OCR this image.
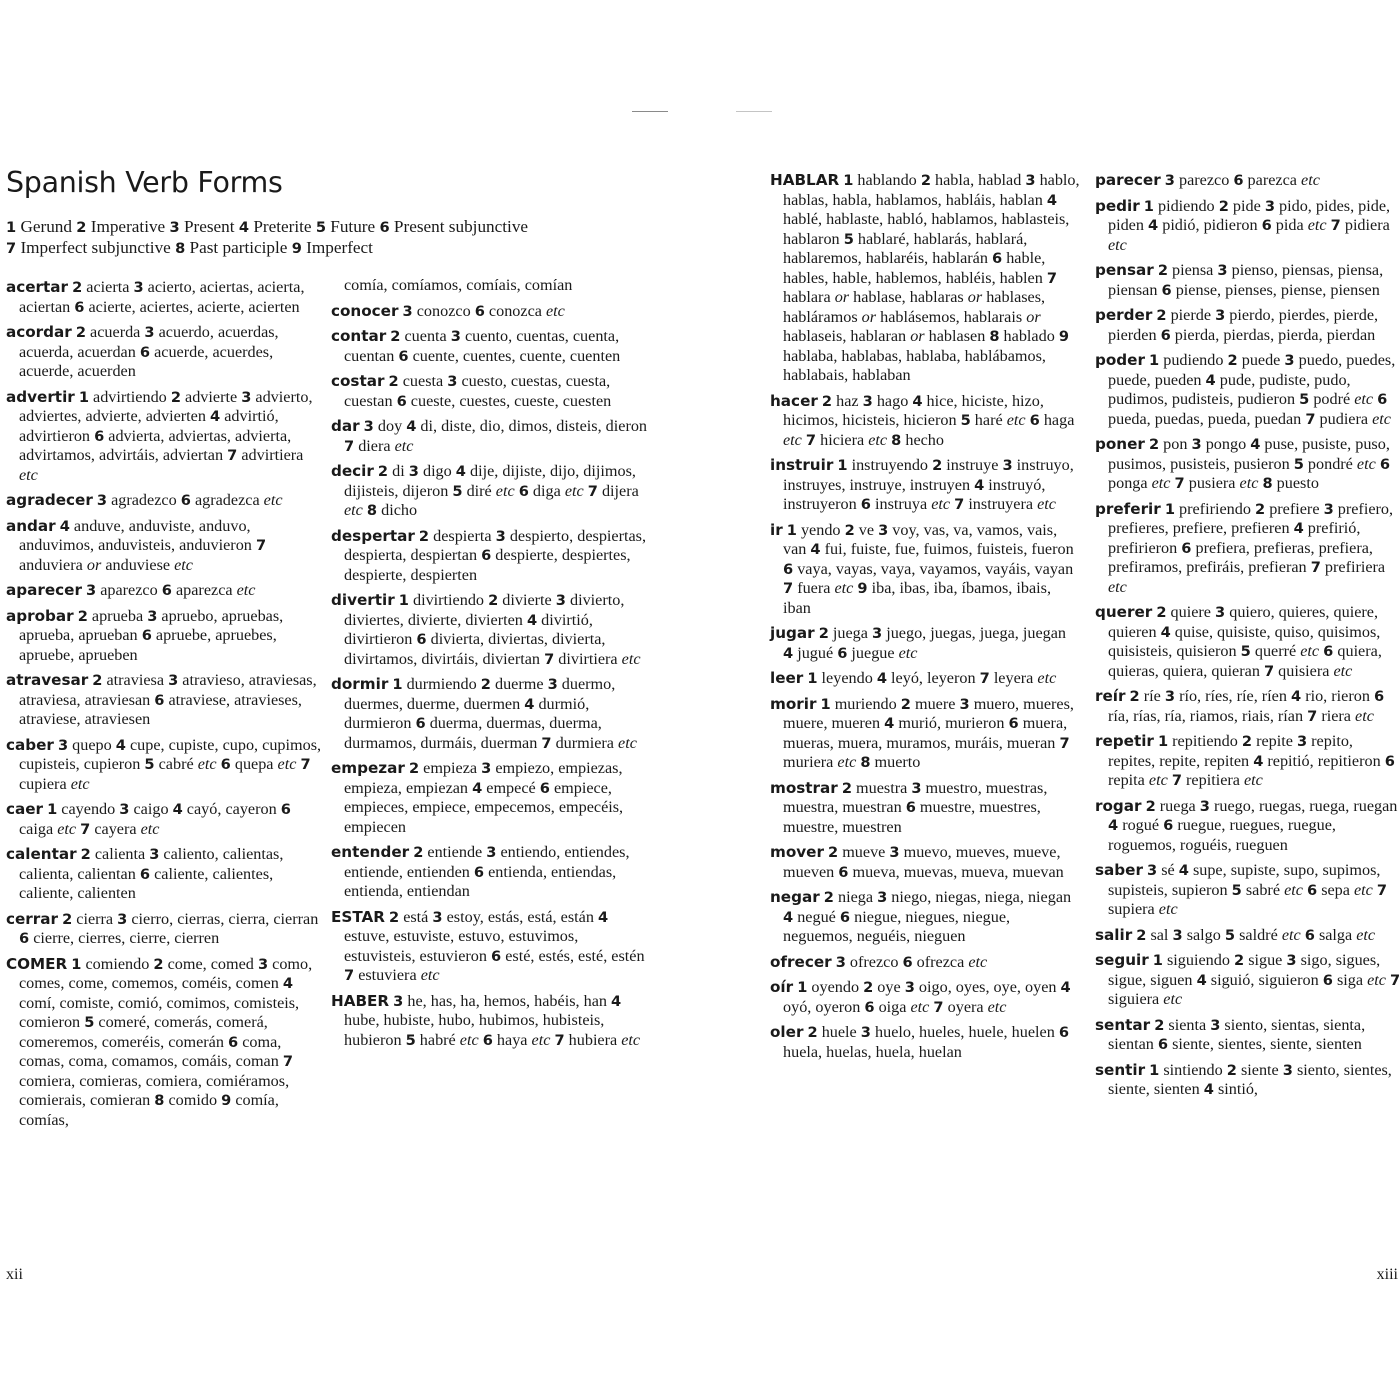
Spanish Verb Forms
1 Gerund 2 Imperative 3 Present 4 Preterite 5 Future 6 Present subjunctive
7 Imperfect subjunctive 8 Past participle 9 Imperfect

acertar 2 acierta 3 acierto, aciertas, acierta, aciertan 6 acierte, aciertes, acierte, acierten

acordar 2 acuerda 3 acuerdo, acuerdas, acuerda, acuerdan 6 acuerde, acuerdes, acuerde, acuerden

advertir 1 advirtiendo 2 advierte 3 advierto, adviertes, advierte, advierten 4 advirtió, advirtieron 6 advierta, adviertas, advierta, advirtamos, advirtáis, adviertan 7 advirtiera etc

agradecer 3 agradezco 6 agradezca etc

andar 4 anduve, anduviste, anduvo, anduvimos, anduvisteis, anduvieron 7 anduviera or anduviese etc

aparecer 3 aparezco 6 aparezca etc

aprobar 2 aprueba 3 apruebo, apruebas, aprueba, aprueban 6 apruebe, apruebes, apruebe, aprueben

atravesar 2 atraviesa 3 atravieso, atraviesas, atraviesa, atraviesan 6 atraviese, atravieses, atraviese, atraviesen

caber 3 quepo 4 cupe, cupiste, cupo, cupimos, cupisteis, cupieron 5 cabré etc 6 quepa etc 7 cupiera etc

caer 1 cayendo 3 caigo 4 cayó, cayeron 6 caiga etc 7 cayera etc

calentar 2 calienta 3 caliento, calientas, calienta, calientan 6 caliente, calientes, caliente, calienten

cerrar 2 cierra 3 cierro, cierras, cierra, cierran 6 cierre, cierres, cierre, cierren

COMER 1 comiendo 2 come, comed 3 como, comes, come, comemos, coméis, comen 4 comí, comiste, comió, comimos, comisteis, comieron 5 comeré, comerás, comerá, comeremos, comeréis, comerán 6 coma, comas, coma, comamos, comáis, coman 7 comiera, comieras, comiera, comiéramos, comierais, comieran 8 comido 9 comía, comías,

comía, comíamos, comíais, comían

conocer 3 conozco 6 conozca etc

contar 2 cuenta 3 cuento, cuentas, cuenta, cuentan 6 cuente, cuentes, cuente, cuenten

costar 2 cuesta 3 cuesto, cuestas, cuesta, cuestan 6 cueste, cuestes, cueste, cuesten

dar 3 doy 4 di, diste, dio, dimos, disteis, dieron 7 diera etc

decir 2 di 3 digo 4 dije, dijiste, dijo, dijimos, dijisteis, dijeron 5 diré etc 6 diga etc 7 dijera etc 8 dicho

despertar 2 despierta 3 despierto, despiertas, despierta, despiertan 6 despierte, despiertes, despierte, despierten

divertir 1 divirtiendo 2 divierte 3 divierto, diviertes, divierte, divierten 4 divirtió, divirtieron 6 divierta, diviertas, divierta, divirtamos, divirtáis, diviertan 7 divirtiera etc

dormir 1 durmiendo 2 duerme 3 duermo, duermes, duerme, duermen 4 durmió, durmieron 6 duerma, duermas, duerma, durmamos, durmáis, duerman 7 durmiera etc

empezar 2 empieza 3 empiezo, empiezas, empieza, empiezan 4 empecé 6 empiece, empieces, empiece, empecemos, empecéis, empiecen

entender 2 entiende 3 entiendo, entiendes, entiende, entienden 6 entienda, entiendas, entienda, entiendan

ESTAR 2 está 3 estoy, estás, está, están 4 estuve, estuviste, estuvo, estuvimos, estuvisteis, estuvieron 6 esté, estés, esté, estén 7 estuviera etc

HABER 3 he, has, ha, hemos, habéis, han 4 hube, hubiste, hubo, hubimos, hubisteis, hubieron 5 habré etc 6 haya etc 7 hubiera etc

HABLAR 1 hablando 2 habla, hablad 3 hablo, hablas, habla, hablamos, habláis, hablan 4 hablé, hablaste, habló, hablamos, hablasteis, hablaron 5 hablaré, hablarás, hablará, hablaremos, hablaréis, hablarán 6 hable, hables, hable, hablemos, habléis, hablen 7 hablara or hablase, hablaras or hablases, habláramos or hablásemos, hablarais or hablaseis, hablaran or hablasen 8 hablado 9 hablaba, hablabas, hablaba, hablábamos, hablabais, hablaban

hacer 2 haz 3 hago 4 hice, hiciste, hizo, hicimos, hicisteis, hicieron 5 haré etc 6 haga etc 7 hiciera etc 8 hecho

instruir 1 instruyendo 2 instruye 3 instruyo, instruyes, instruye, instruyen 4 instruyó, instruyeron 6 instruya etc 7 instruyera etc

ir 1 yendo 2 ve 3 voy, vas, va, vamos, vais, van 4 fui, fuiste, fue, fuimos, fuisteis, fueron 6 vaya, vayas, vaya, vayamos, vayáis, vayan 7 fuera etc 9 iba, ibas, iba, íbamos, ibais, iban

jugar 2 juega 3 juego, juegas, juega, juegan 4 jugué 6 juegue etc

leer 1 leyendo 4 leyó, leyeron 7 leyera etc

morir 1 muriendo 2 muere 3 muero, mueres, muere, mueren 4 murió, murieron 6 muera, mueras, muera, muramos, muráis, mueran 7 muriera etc 8 muerto

mostrar 2 muestra 3 muestro, muestras, muestra, muestran 6 muestre, muestres, muestre, muestren

mover 2 mueve 3 muevo, mueves, mueve, mueven 6 mueva, muevas, mueva, muevan

negar 2 niega 3 niego, niegas, niega, niegan 4 negué 6 niegue, niegues, niegue, neguemos, neguéis, nieguen

ofrecer 3 ofrezco 6 ofrezca etc

oír 1 oyendo 2 oye 3 oigo, oyes, oye, oyen 4 oyó, oyeron 6 oiga etc 7 oyera etc

oler 2 huele 3 huelo, hueles, huele, huelen 6 huela, huelas, huela, huelan

parecer 3 parezco 6 parezca etc

pedir 1 pidiendo 2 pide 3 pido, pides, pide, piden 4 pidió, pidieron 6 pida etc 7 pidiera etc

pensar 2 piensa 3 pienso, piensas, piensa, piensan 6 piense, pienses, piense, piensen

perder 2 pierde 3 pierdo, pierdes, pierde, pierden 6 pierda, pierdas, pierda, pierdan

poder 1 pudiendo 2 puede 3 puedo, puedes, puede, pueden 4 pude, pudiste, pudo, pudimos, pudisteis, pudieron 5 podré etc 6 pueda, puedas, pueda, puedan 7 pudiera etc

poner 2 pon 3 pongo 4 puse, pusiste, puso, pusimos, pusisteis, pusieron 5 pondré etc 6 ponga etc 7 pusiera etc 8 puesto

preferir 1 prefiriendo 2 prefiere 3 prefiero, prefieres, prefiere, prefieren 4 prefirió, prefirieron 6 prefiera, prefieras, prefiera, prefiramos, prefiráis, prefieran 7 prefiriera etc

querer 2 quiere 3 quiero, quieres, quiere, quieren 4 quise, quisiste, quiso, quisimos, quisisteis, quisieron 5 querré etc 6 quiera, quieras, quiera, quieran 7 quisiera etc

reír 2 ríe 3 río, ríes, ríe, ríen 4 rio, rieron 6 ría, rías, ría, riamos, riais, rían 7 riera etc

repetir 1 repitiendo 2 repite 3 repito, repites, repite, repiten 4 repitió, repitieron 6 repita etc 7 repitiera etc

rogar 2 ruega 3 ruego, ruegas, ruega, ruegan 4 rogué 6 ruegue, ruegues, ruegue, roguemos, roguéis, rueguen

saber 3 sé 4 supe, supiste, supo, supimos, supisteis, supieron 5 sabré etc 6 sepa etc 7 supiera etc

salir 2 sal 3 salgo 5 saldré etc 6 salga etc

seguir 1 siguiendo 2 sigue 3 sigo, sigues, sigue, siguen 4 siguió, siguieron 6 siga etc 7 siguiera etc

sentar 2 sienta 3 siento, sientas, sienta, sientan 6 siente, sientes, siente, sienten

sentir 1 sintiendo 2 siente 3 siento, sientes, siente, sienten 4 sintió,

xii	xiii
